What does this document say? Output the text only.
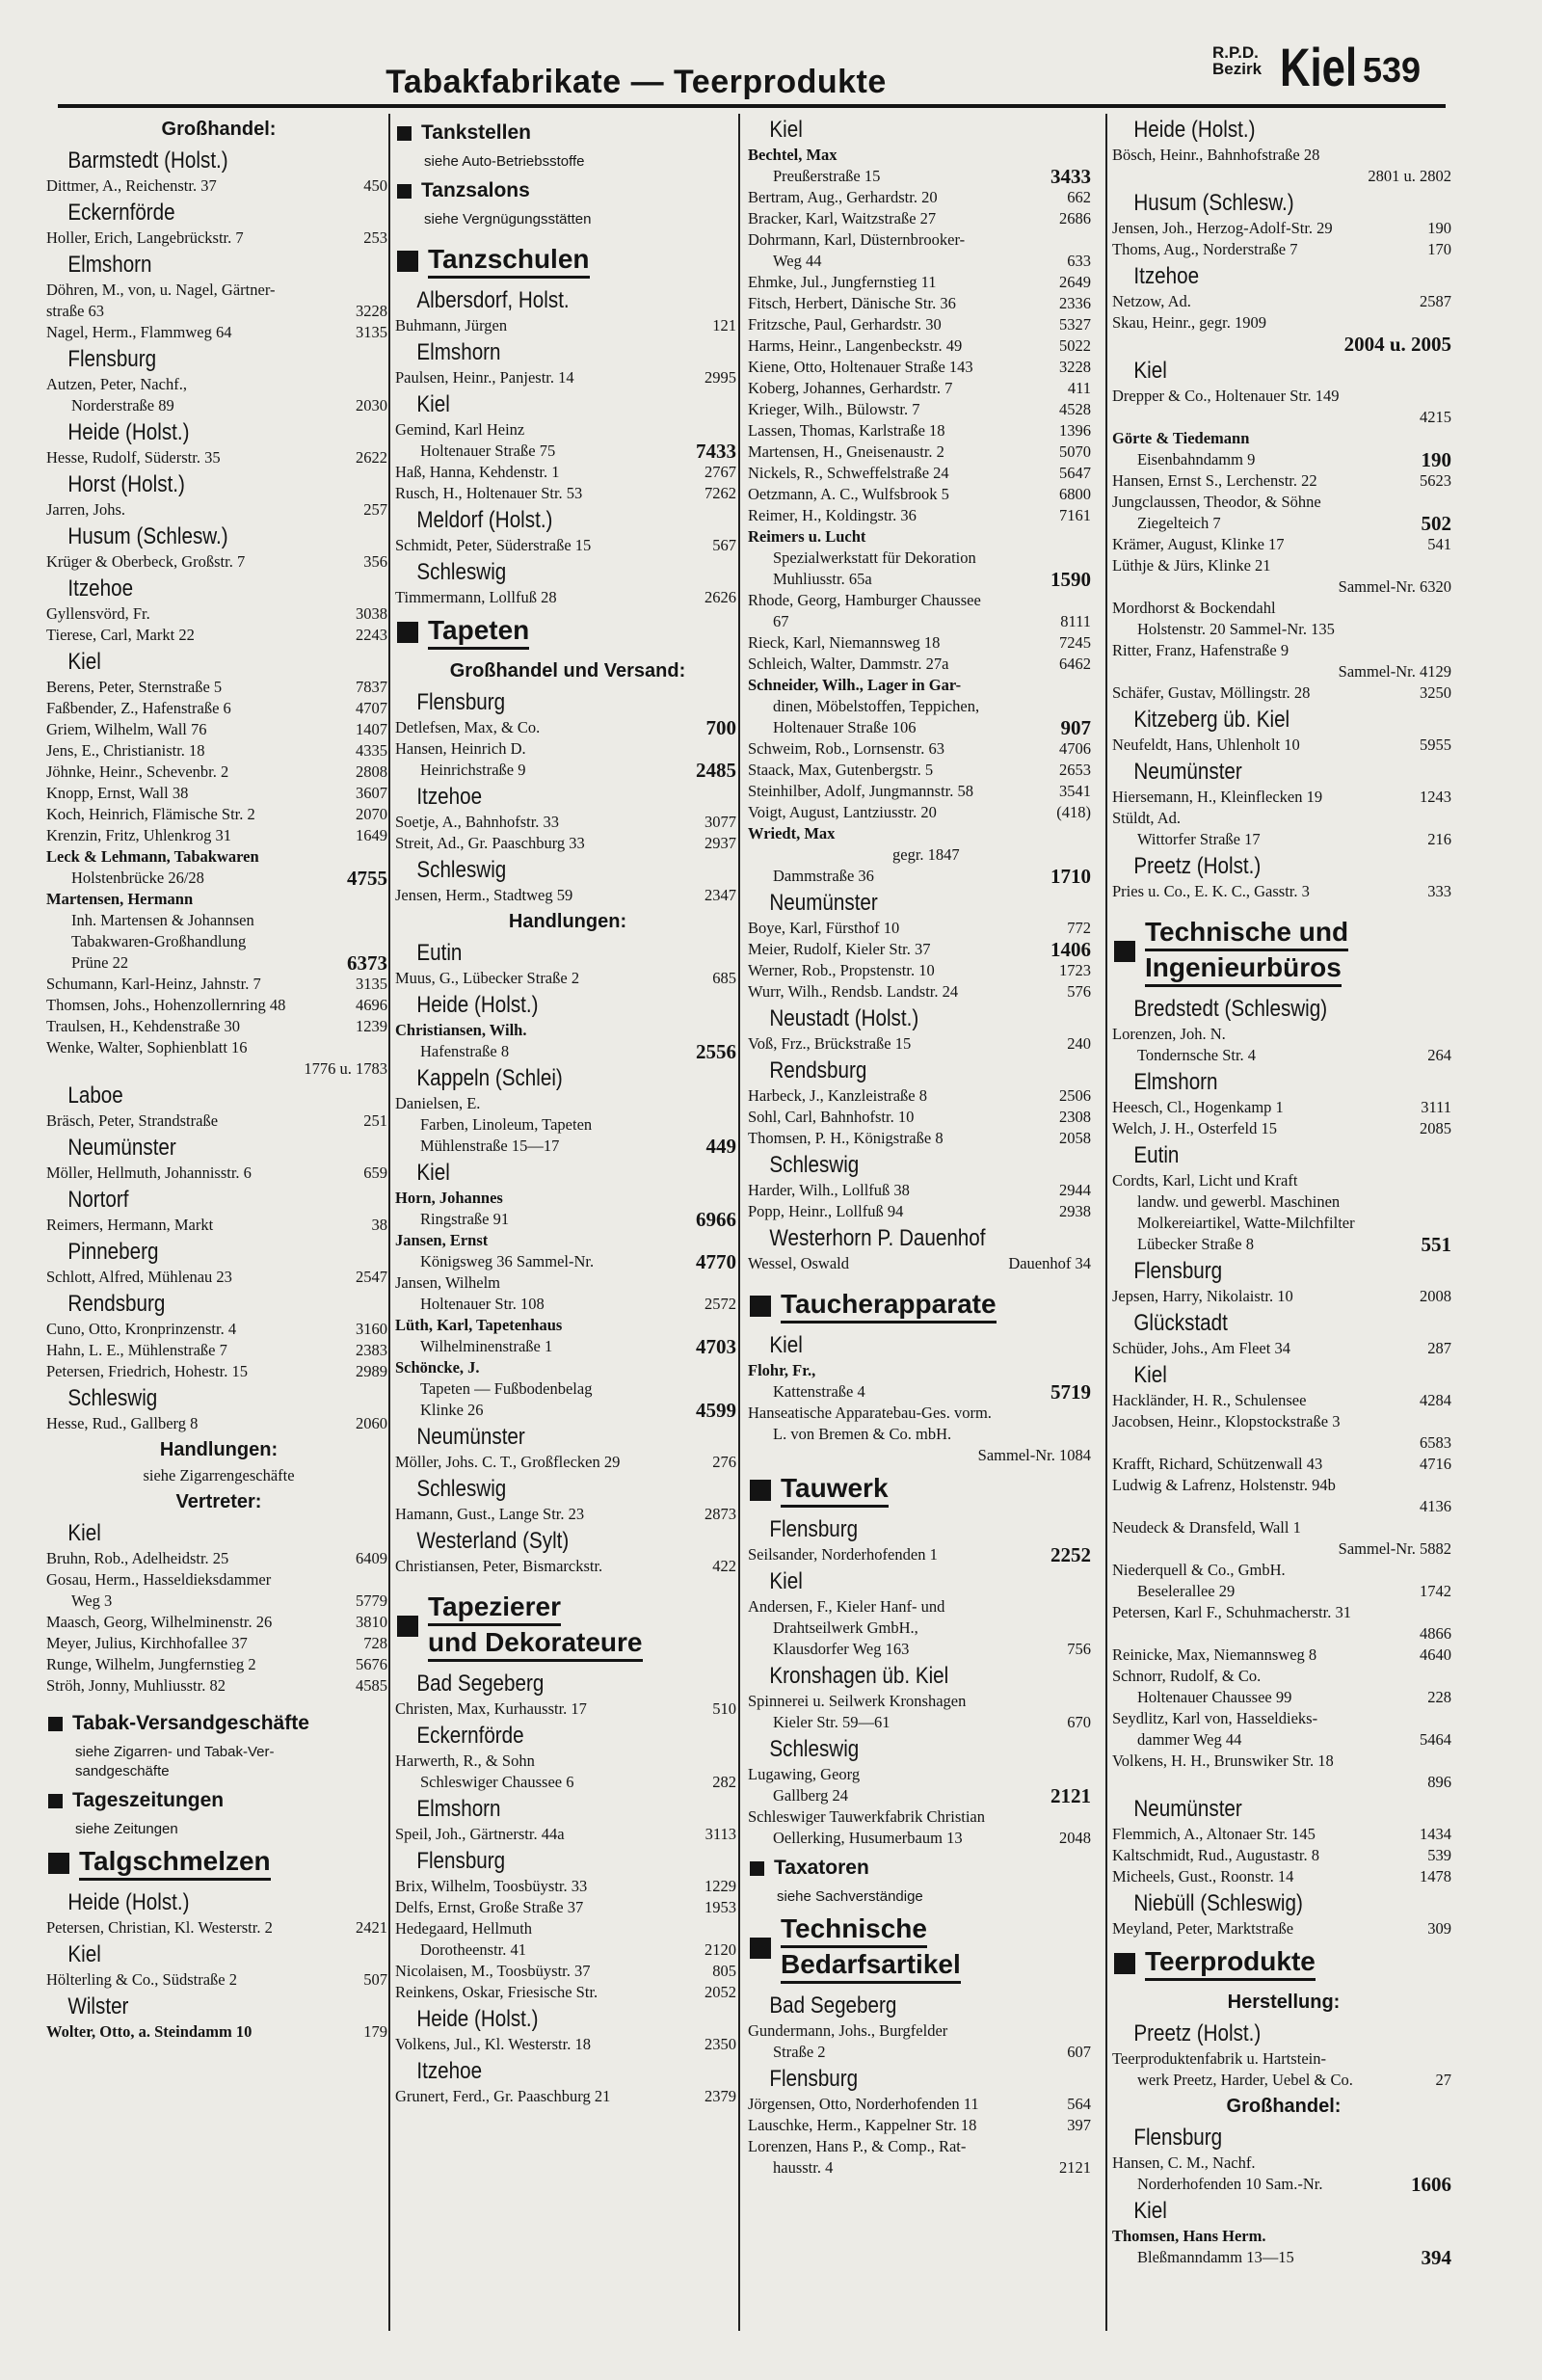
Tabakfabrikate — Teerprodukte
R.P.D.
Bezirk Kiel 539
Großhandel:
Barmstedt (Holst.)
Dittmer, A., Reichenstr. 37	450
Eckernförde
Holler, Erich, Langebrückstr. 7	253
Elmshorn
Döhren, M., von, u. Nagel, Gärtner-
straße 63	3228
Nagel, Herm., Flammweg 64	3135
Flensburg
Autzen, Peter, Nachf.,
Norderstraße 89	2030
Heide (Holst.)
Hesse, Rudolf, Süderstr. 35	2622
Horst (Holst.)
Jarren, Johs.	257
Husum (Schlesw.)
Krüger & Oberbeck, Großstr. 7	356
Itzehoe
Gyllensvörd, Fr.	3038
Tierese, Carl, Markt 22	2243
Kiel
Berens, Peter, Sternstraße 5	7837
Faßbender, Z., Hafenstraße 6	4707
Griem, Wilhelm, Wall 76	1407
Jens, E., Christianistr. 18	4335
Jöhnke, Heinr., Schevenbr. 2	2808
Knopp, Ernst, Wall 38	3607
Koch, Heinrich, Flämische Str. 2	2070
Krenzin, Fritz, Uhlenkrog 31	1649
Leck & Lehmann, Tabakwaren
Holstenbrücke 26/28	4755
Martensen, Hermann
Inh. Martensen & Johannsen
Tabakwaren-Großhandlung
Prüne 22	6373
Schumann, Karl-Heinz, Jahnstr. 7	3135
Thomsen, Johs., Hohenzollernring 48	4696
Traulsen, H., Kehdenstraße 30	1239
Wenke, Walter, Sophienblatt 16
1776 u. 1783
Laboe
Bräsch, Peter, Strandstraße	251
Neumünster
Möller, Hellmuth, Johannisstr. 6	659
Nortorf
Reimers, Hermann, Markt	38
Pinneberg
Schlott, Alfred, Mühlenau 23	2547
Rendsburg
Cuno, Otto, Kronprinzenstr. 4	3160
Hahn, L. E., Mühlenstraße 7	2383
Petersen, Friedrich, Hohestr. 15	2989
Schleswig
Hesse, Rud., Gallberg 8	2060
Handlungen:
siehe Zigarrengeschäfte
Vertreter:
Kiel
Bruhn, Rob., Adelheidstr. 25	6409
Gosau, Herm., Hasseldieksdammer
Weg 3	5779
Maasch, Georg, Wilhelminenstr. 26	3810
Meyer, Julius, Kirchhofallee 37	728
Runge, Wilhelm, Jungfernstieg 2	5676
Ströh, Jonny, Muhliusstr. 82	4585
Tabak-Versandgeschäfte
siehe Zigarren- und Tabak-Ver-
sandgeschäfte
Tageszeitungen
siehe Zeitungen
Talgschmelzen
Heide (Holst.)
Petersen, Christian, Kl. Westerstr. 2	2421
Kiel
Hölterling & Co., Südstraße 2	507
Wilster
Wolter, Otto, a. Steindamm 10	179
Tankstellen
siehe Auto-Betriebsstoffe
Tanzsalons
siehe Vergnügungsstätten
Tanzschulen
Albersdorf, Holst.
Buhmann, Jürgen	121
Elmshorn
Paulsen, Heinr., Panjestr. 14	2995
Kiel
Gemind, Karl Heinz
Holtenauer Straße 75	7433
Haß, Hanna, Kehdenstr. 1	2767
Rusch, H., Holtenauer Str. 53	7262
Meldorf (Holst.)
Schmidt, Peter, Süderstraße 15	567
Schleswig
Timmermann, Lollfuß 28	2626
Tapeten
Großhandel und Versand:
Flensburg
Detlefsen, Max, & Co.	700
Hansen, Heinrich D.
Heinrichstraße 9	2485
Itzehoe
Soetje, A., Bahnhofstr. 33	3077
Streit, Ad., Gr. Paaschburg 33	2937
Schleswig
Jensen, Herm., Stadtweg 59	2347
Handlungen:
Eutin
Muus, G., Lübecker Straße 2	685
Heide (Holst.)
Christiansen, Wilh.
Hafenstraße 8	2556
Kappeln (Schlei)
Danielsen, E.
Farben, Linoleum, Tapeten
Mühlenstraße 15—17	449
Kiel
Horn, Johannes
Ringstraße 91	6966
Jansen, Ernst
Königsweg 36 Sammel-Nr.	4770
Jansen, Wilhelm
Holtenauer Str. 108	2572
Lüth, Karl, Tapetenhaus
Wilhelminenstraße 1	4703
Schöncke, J.
Tapeten — Fußbodenbelag
Klinke 26	4599
Neumünster
Möller, Johs. C. T., Großflecken 29	276
Schleswig
Hamann, Gust., Lange Str. 23	2873
Westerland (Sylt)
Christiansen, Peter, Bismarckstr.	422
Tapezierer
und Dekorateure
Bad Segeberg
Christen, Max, Kurhausstr. 17	510
Eckernförde
Harwerth, R., & Sohn
Schleswiger Chaussee 6	282
Elmshorn
Speil, Joh., Gärtnerstr. 44a	3113
Flensburg
Brix, Wilhelm, Toosbüystr. 33	1229
Delfs, Ernst, Große Straße 37	1953
Hedegaard, Hellmuth
Dorotheenstr. 41	2120
Nicolaisen, M., Toosbüystr. 37	805
Reinkens, Oskar, Friesische Str.	2052
Heide (Holst.)
Volkens, Jul., Kl. Westerstr. 18	2350
Itzehoe
Grunert, Ferd., Gr. Paaschburg 21	2379
Kiel
Bechtel, Max
Preußerstraße 15	3433
Bertram, Aug., Gerhardstr. 20	662
Bracker, Karl, Waitzstraße 27	2686
Dohrmann, Karl, Düsternbrooker-
Weg 44	633
Ehmke, Jul., Jungfernstieg 11	2649
Fitsch, Herbert, Dänische Str. 36	2336
Fritzsche, Paul, Gerhardstr. 30	5327
Harms, Heinr., Langenbeckstr. 49	5022
Kiene, Otto, Holtenauer Straße 143	3228
Koberg, Johannes, Gerhardstr. 7	411
Krieger, Wilh., Bülowstr. 7	4528
Lassen, Thomas, Karlstraße 18	1396
Martensen, H., Gneisenaustr. 2	5070
Nickels, R., Schweffelstraße 24	5647
Oetzmann, A. C., Wulfsbrook 5	6800
Reimer, H., Koldingstr. 36	7161
Reimers u. Lucht
Spezialwerkstatt für Dekoration
Muhliusstr. 65a	1590
Rhode, Georg, Hamburger Chaussee
67	8111
Rieck, Karl, Niemannsweg 18	7245
Schleich, Walter, Dammstr. 27a	6462
Schneider, Wilh., Lager in Gar-
dinen, Möbelstoffen, Teppichen,
Holtenauer Straße 106	907
Schweim, Rob., Lornsenstr. 63	4706
Staack, Max, Gutenbergstr. 5	2653
Steinhilber, Adolf, Jungmannstr. 58	3541
Voigt, August, Lantziusstr. 20	(418)
Wriedt, Max
gegr. 1847
Dammstraße 36	1710
Neumünster
Boye, Karl, Fürsthof 10	772
Meier, Rudolf, Kieler Str. 37	1406
Werner, Rob., Propstenstr. 10	1723
Wurr, Wilh., Rendsb. Landstr. 24	576
Neustadt (Holst.)
Voß, Frz., Brückstraße 15	240
Rendsburg
Harbeck, J., Kanzleistraße 8	2506
Sohl, Carl, Bahnhofstr. 10	2308
Thomsen, P. H., Königstraße 8	2058
Schleswig
Harder, Wilh., Lollfuß 38	2944
Popp, Heinr., Lollfuß 94	2938
Westerhorn P. Dauenhof
Wessel, Oswald	Dauenhof 34
Taucherapparate
Kiel
Flohr, Fr.,
Kattenstraße 4	5719
Hanseatische Apparatebau-Ges. vorm.
L. von Bremen & Co. mbH.
Sammel-Nr. 1084
Tauwerk
Flensburg
Seilsander, Norderhofenden 1	2252
Kiel
Andersen, F., Kieler Hanf- und
Drahtseilwerk GmbH.,
Klausdorfer Weg 163	756
Kronshagen üb. Kiel
Spinnerei u. Seilwerk Kronshagen
Kieler Str. 59—61	670
Schleswig
Lugawing, Georg
Gallberg 24	2121
Schleswiger Tauwerkfabrik Christian
Oellerking, Husumerbaum 13	2048
Taxatoren
siehe Sachverständige
Technische
Bedarfsartikel
Bad Segeberg
Gundermann, Johs., Burgfelder
Straße 2	607
Flensburg
Jörgensen, Otto, Norderhofenden 11	564
Lauschke, Herm., Kappelner Str. 18	397
Lorenzen, Hans P., & Comp., Rat-
hausstr. 4	2121
Heide (Holst.)
Bösch, Heinr., Bahnhofstraße 28
2801 u. 2802
Husum (Schlesw.)
Jensen, Joh., Herzog-Adolf-Str. 29	190
Thoms, Aug., Norderstraße 7	170
Itzehoe
Netzow, Ad.	2587
Skau, Heinr., gegr. 1909
2004 u. 2005
Kiel
Drepper & Co., Holtenauer Str. 149
4215
Görte & Tiedemann
Eisenbahndamm 9	190
Hansen, Ernst S., Lerchenstr. 22	5623
Jungclaussen, Theodor, & Söhne
Ziegelteich 7	502
Krämer, August, Klinke 17	541
Lüthje & Jürs, Klinke 21
Sammel-Nr. 6320
Mordhorst & Bockendahl
Holstenstr. 20 Sammel-Nr. 135
Ritter, Franz, Hafenstraße 9
Sammel-Nr. 4129
Schäfer, Gustav, Möllingstr. 28	3250
Kitzeberg üb. Kiel
Neufeldt, Hans, Uhlenholt 10	5955
Neumünster
Hiersemann, H., Kleinflecken 19	1243
Stüldt, Ad.
Wittorfer Straße 17	216
Preetz (Holst.)
Pries u. Co., E. K. C., Gasstr. 3	333
Technische und
Ingenieurbüros
Bredstedt (Schleswig)
Lorenzen, Joh. N.
Tondernsche Str. 4	264
Elmshorn
Heesch, Cl., Hogenkamp 1	3111
Welch, J. H., Osterfeld 15	2085
Eutin
Cordts, Karl, Licht und Kraft
landw. und gewerbl. Maschinen
Molkereiartikel, Watte-Milchfilter
Lübecker Straße 8	551
Flensburg
Jepsen, Harry, Nikolaistr. 10	2008
Glückstadt
Schüder, Johs., Am Fleet 34	287
Kiel
Hackländer, H. R., Schulensee	4284
Jacobsen, Heinr., Klopstockstraße 3
6583
Krafft, Richard, Schützenwall 43	4716
Ludwig & Lafrenz, Holstenstr. 94b
4136
Neudeck & Dransfeld, Wall 1
Sammel-Nr. 5882
Niederquell & Co., GmbH.
Beselerallee 29	1742
Petersen, Karl F., Schuhmacherstr. 31
4866
Reinicke, Max, Niemannsweg 8	4640
Schnorr, Rudolf, & Co.
Holtenauer Chaussee 99	228
Seydlitz, Karl von, Hasseldieks-
dammer Weg 44	5464
Volkens, H. H., Brunswiker Str. 18
896
Neumünster
Flemmich, A., Altonaer Str. 145	1434
Kaltschmidt, Rud., Augustastr. 8	539
Micheels, Gust., Roonstr. 14	1478
Niebüll (Schleswig)
Meyland, Peter, Marktstraße	309
Teerprodukte
Herstellung:
Preetz (Holst.)
Teerproduktenfabrik u. Hartstein-
werk Preetz, Harder, Uebel & Co.	27
Großhandel:
Flensburg
Hansen, C. M., Nachf.
Norderhofenden 10 Sam.-Nr.	1606
Kiel
Thomsen, Hans Herm.
Bleßmanndamm 13—15	394
